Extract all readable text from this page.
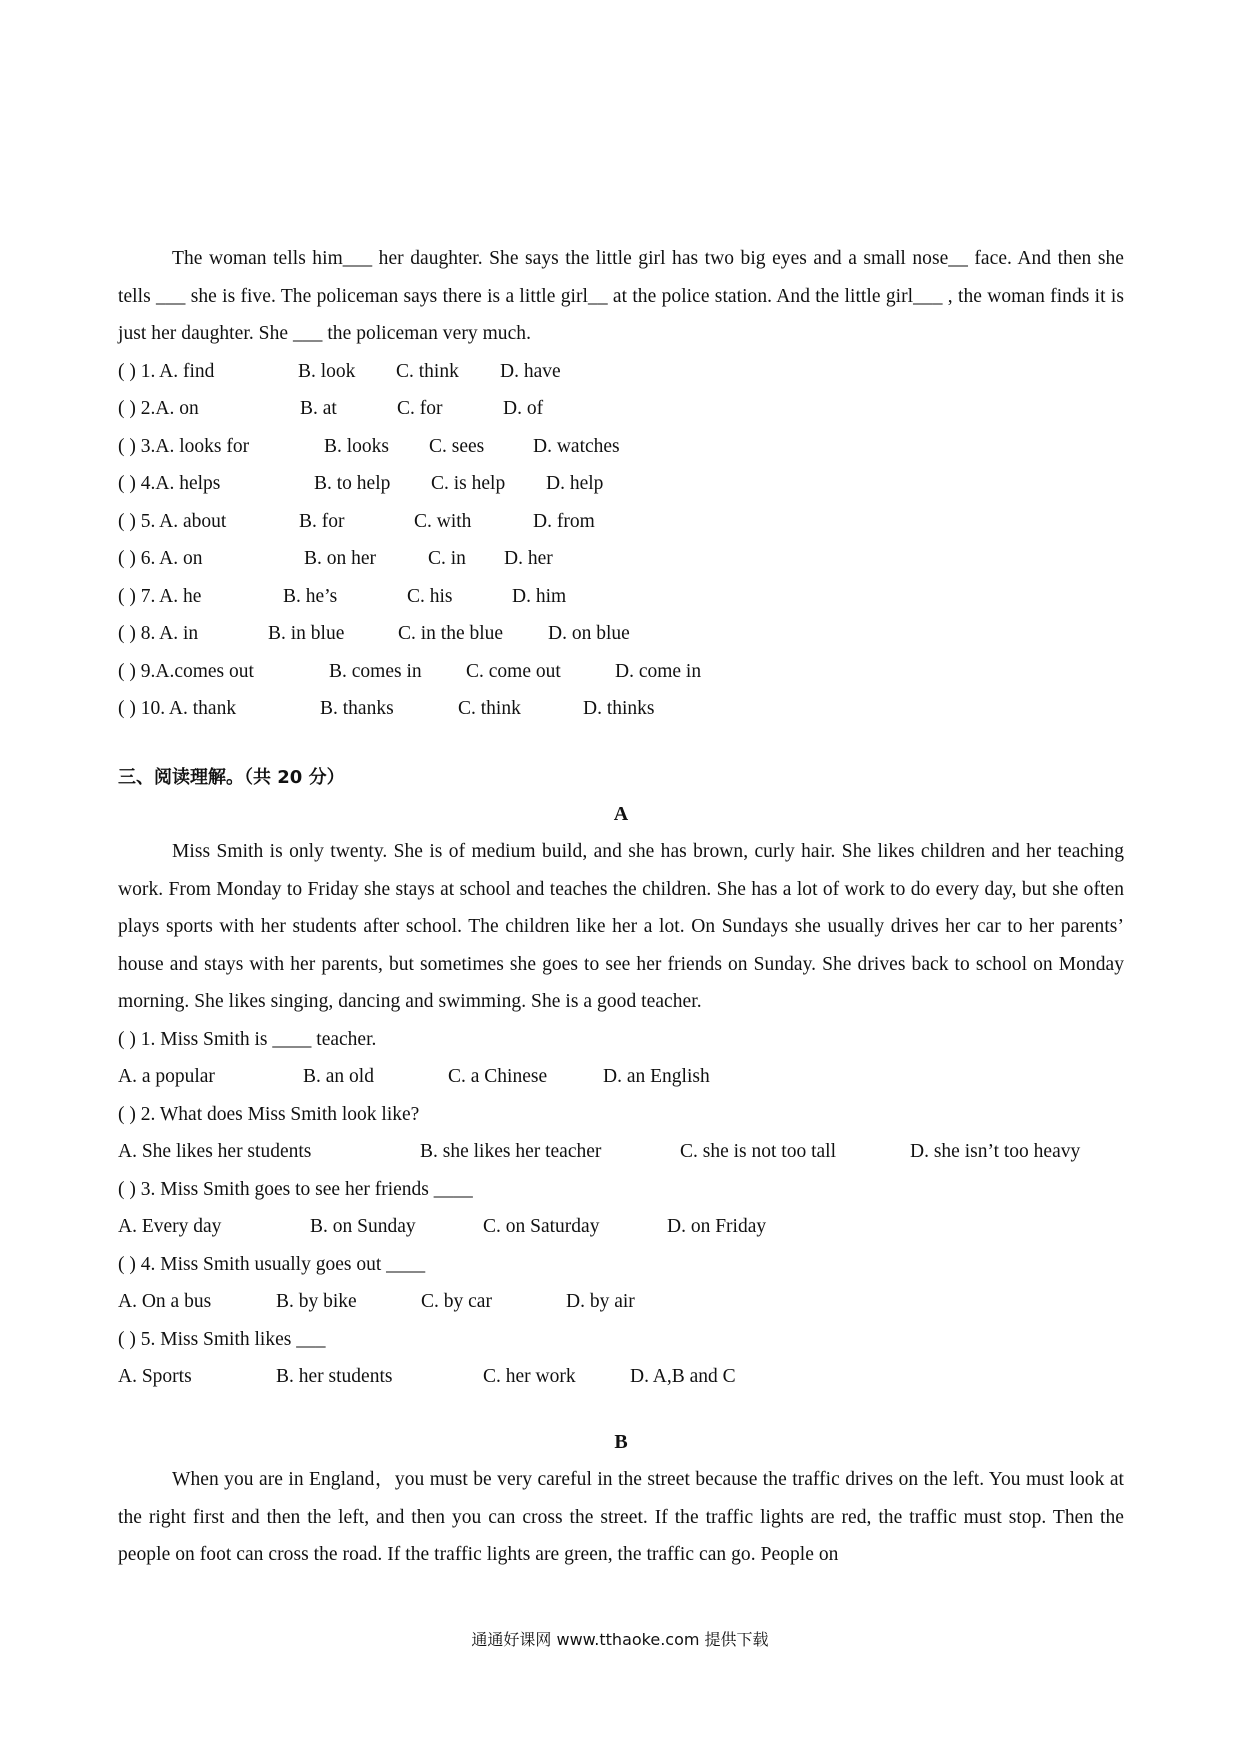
The woman tells him___ her daughter. She says the little girl has two big eyes and a small nose__ face. And then she tells ___ she is five. The policeman says there is a little girl__ at the police station. And the little girl___ , the woman finds it is just her daughter. She ___ the policeman very much.

( ) 1. A. find	B. look C. think D. have
( ) 2.A. on	B. at	C. for	D. of
( ) 3.A. looks for	B. looks C. sees	D. watches
( ) 4.A. helps	B. to help C. is help D. help
( ) 5. A. about	B. for	C. with	D. from
( ) 6. A. on	B. on her	C. in D. her
( ) 7. A. he	B. he’s	C. his	D. him
( ) 8. A. in	B. in blue	C. in the blue D. on blue
( ) 9.A.comes out	B. comes in C. come out	D. come in
( ) 10. A. thank	B. thanks	C. think	D. thinks
三、阅读理解。（共 20 分）
A

Miss Smith is only twenty. She is of medium build, and she has brown, curly hair. She likes children and her teaching work. From Monday to Friday she stays at school and teaches the children. She has a lot of work to do every day, but she often plays sports with her students after school. The children like her a lot. On Sundays she usually drives her car to her parents’ house and stays with her parents, but sometimes she goes to see her friends on Sunday. She drives back to school on Monday morning. She likes singing, dancing and swimming. She is a good teacher.

( ) 1. Miss Smith is ____ teacher.
A. a popular	B. an old	C. a Chinese	D. an English
( ) 2. What does Miss Smith look like?
A. She likes her students	B. she likes her teacher	C. she is not too tall	D. she isn’t too heavy
( ) 3. Miss Smith goes to see her friends ____
A. Every day	B. on Sunday	C. on Saturday	D. on Friday
( ) 4. Miss Smith usually goes out ____
A. On a bus	B. by bike	C. by car	D. by air
( ) 5. Miss Smith likes ___
A. Sports	B. her students	C. her work	D. A,B and C
B

When you are in England，you must be very careful in the street because the traffic drives on the left. You must look at the right first and then the left, and then you can cross the street. If the traffic lights are red, the traffic must stop. Then the people on foot can cross the road. If the traffic lights are green, the traffic can go. People on

通通好课网 www.tthaoke.com 提供下载
